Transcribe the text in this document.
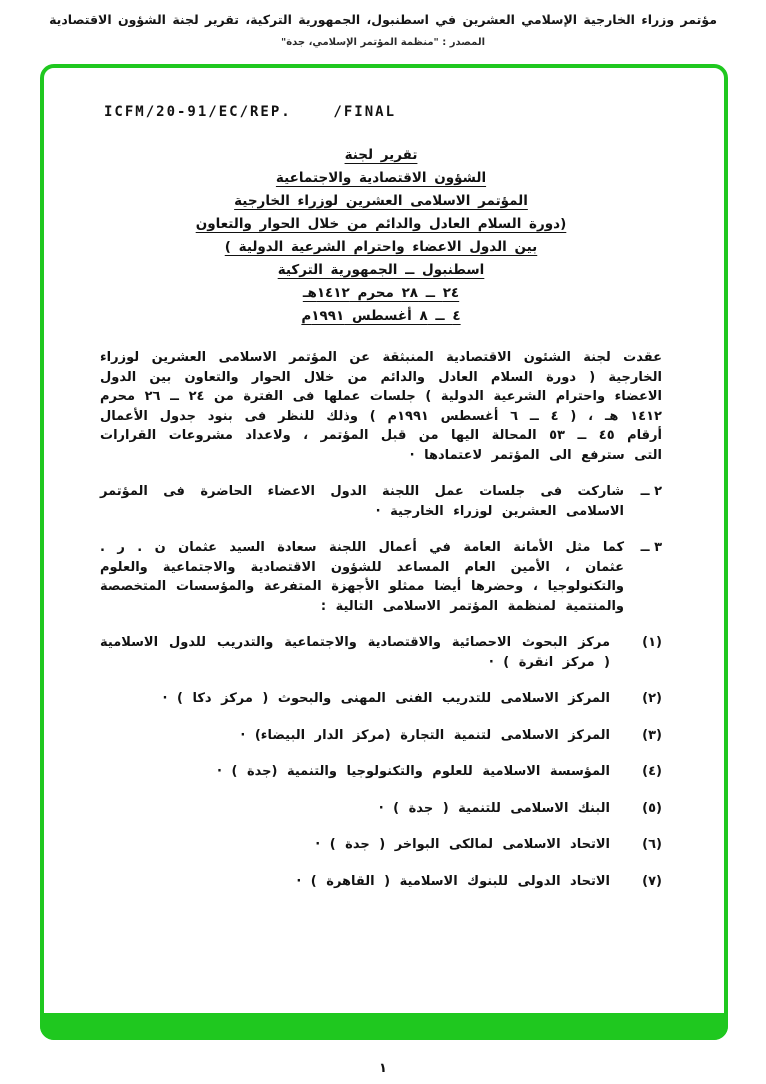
مؤتمر وزراء الخارجية الإسلامي العشرين في اسطنبول، الجمهورية التركية، تقرير لجنة الشؤون الاقتصادية
المصدر : "منظمة المؤتمر الإسلامي، جدة"
ICFM/20-91/EC/REP.    /FINAL
تقرير لجنة
الشؤون الاقتصادية والاجتماعية
المؤتمر الاسلامى العشرين لوزراء الخارجية
(دورة السلام العادل والدائم من خلال الحوار والتعاون
بين الدول الاعضاء واحترام الشرعية الدولية )
اسطنبول ــ الجمهورية التركية
٢٤ ــ ٢٨ محرم ١٤١٢هـ
٤ ــ ٨ أغسطس ١٩٩١م
عقدت لجنة الشئون الاقتصادية المنبثقة عن المؤتمر الاسلامى العشرين لوزراء الخارجية ( دورة السلام العادل والدائم من خلال الحوار والتعاون بين الدول الاعضاء واحترام الشرعية الدولية ) جلسات عملها فى الفترة من ٢٤ ــ ٢٦ محرم ١٤١٢ هـ ، ( ٤ ــ ٦ أغسطس ١٩٩١م ) وذلك للنظر فى بنود جدول الأعمال أرقام ٤٥ ــ ٥٣ المحالة اليها من قبل المؤتمر ، ولاعداد مشروعات القرارات التى سترفع الى المؤتمر لاعتمادها ·
٢ ــ
شاركت فى جلسات عمل اللجنة الدول الاعضاء الحاضرة فى المؤتمر الاسلامى العشرين لوزراء الخارجية ·
٣ ــ
كما مثل الأمانة العامة في أعمال اللجنة سعادة السيد عثمان ن . ر . عثمان ، الأمين العام المساعد للشؤون الاقتصادية والاجتماعية والعلوم والتكنولوجيا ، وحضرها أيضا ممثلو الأجهزة المتفرعة والمؤسسات المتخصصة والمنتمية لمنظمة المؤتمر الاسلامى التالية :
(١)
مركز البحوث الاحصائية والاقتصادية والاجتماعية والتدريب للدول الاسلامية ( مركز انقرة ) ·
(٢)
المركز الاسلامى للتدريب الفنى المهنى والبحوث ( مركز دكا ) ·
(٣)
المركز الاسلامى لتنمية التجارة (مركز الدار البيضاء) ·
(٤)
المؤسسة الاسلامية للعلوم والتكنولوجيا والتنمية (جدة ) ·
(٥)
البنك الاسلامى للتنمية ( جدة ) ·
(٦)
الاتحاد الاسلامى لمالكى البواخر ( جدة ) ·
(٧)
الاتحاد الدولى للبنوك الاسلامية ( القاهرة ) ·
١
